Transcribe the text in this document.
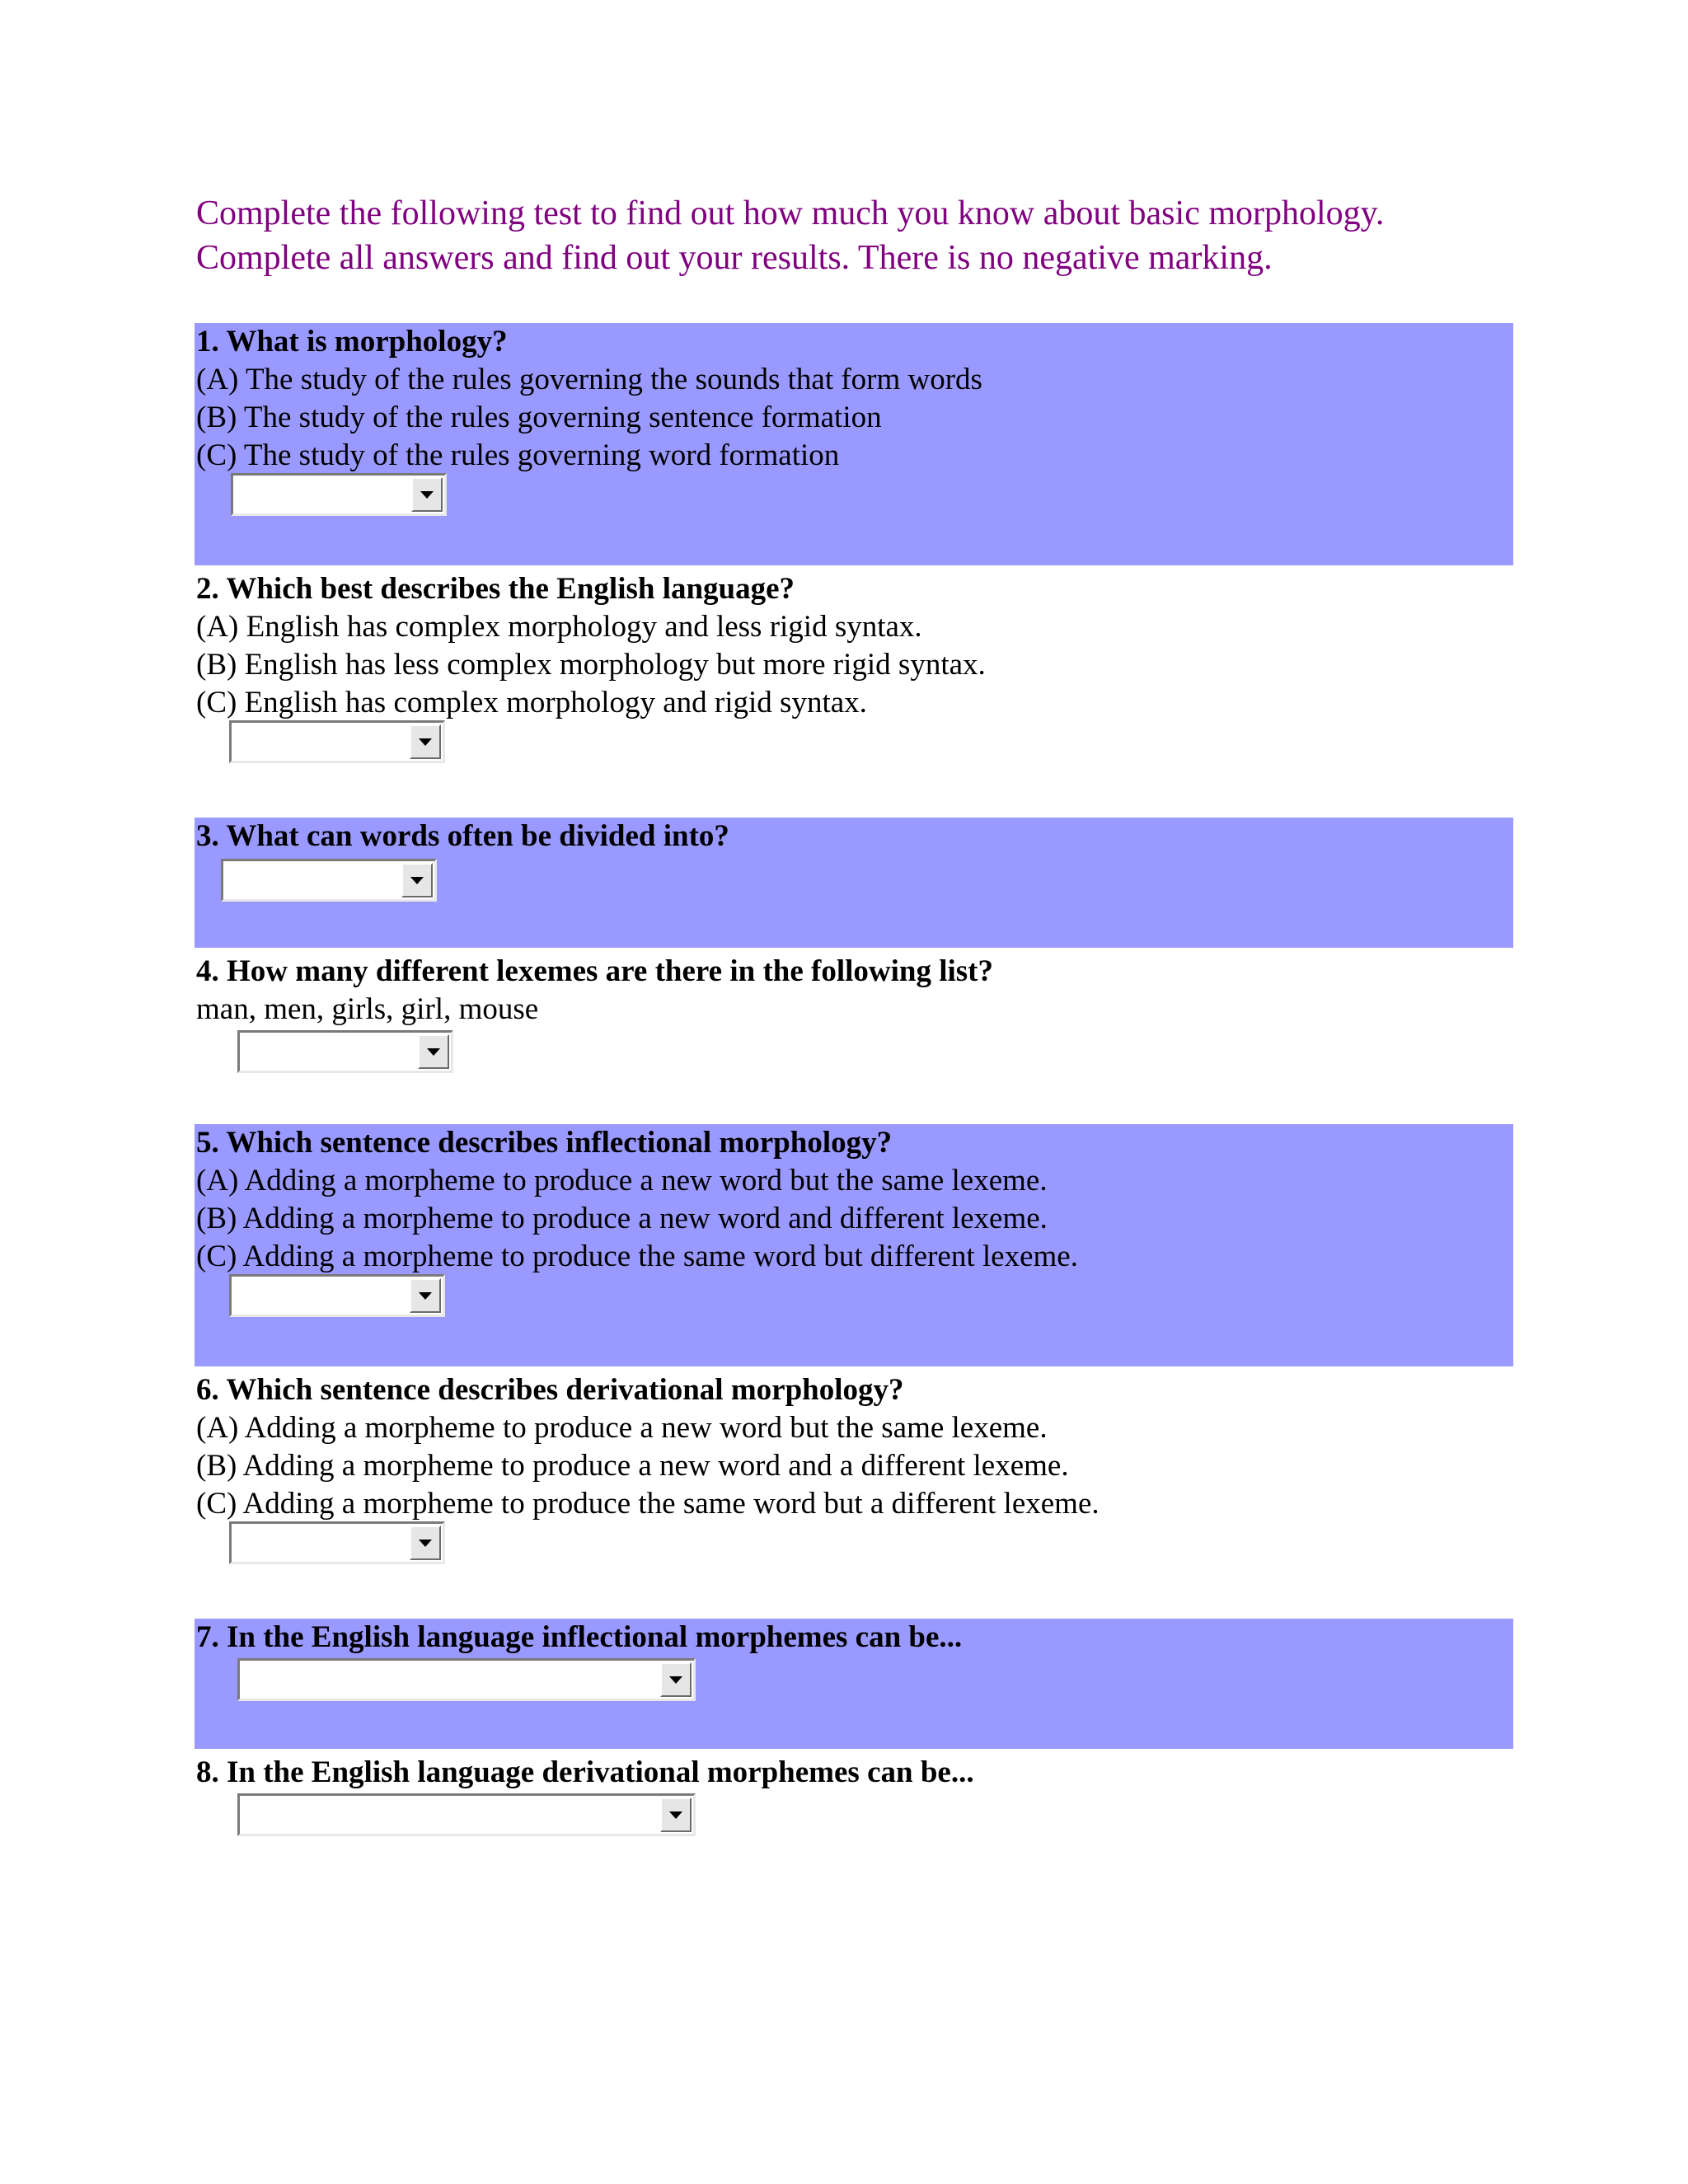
Complete the following test to find out how much you know about basic morphology.

Complete all answers and find out your results. There is no negative marking.

1. What is morphology?

(A) The study of the rules governing the sounds that form words

(B) The study of the rules governing sentence formation

(C) The study of the rules governing word formation

2. Which best describes the English language?

(A) English has complex morphology and less rigid syntax.

(B) English has less complex morphology but more rigid syntax.

(C) English has complex morphology and rigid syntax.

3. What can words often be divided into?

4. How many different lexemes are there in the following list?

man, men, girls, girl, mouse

5. Which sentence describes inflectional morphology?

(A) Adding a morpheme to produce a new word but the same lexeme.

(B) Adding a morpheme to produce a new word and different lexeme.

(C) Adding a morpheme to produce the same word but different lexeme.

6. Which sentence describes derivational morphology?

(A) Adding a morpheme to produce a new word but the same lexeme.

(B) Adding a morpheme to produce a new word and a different lexeme.

(C) Adding a morpheme to produce the same word but a different lexeme.

7. In the English language inflectional morphemes can be...

8. In the English language derivational morphemes can be...
